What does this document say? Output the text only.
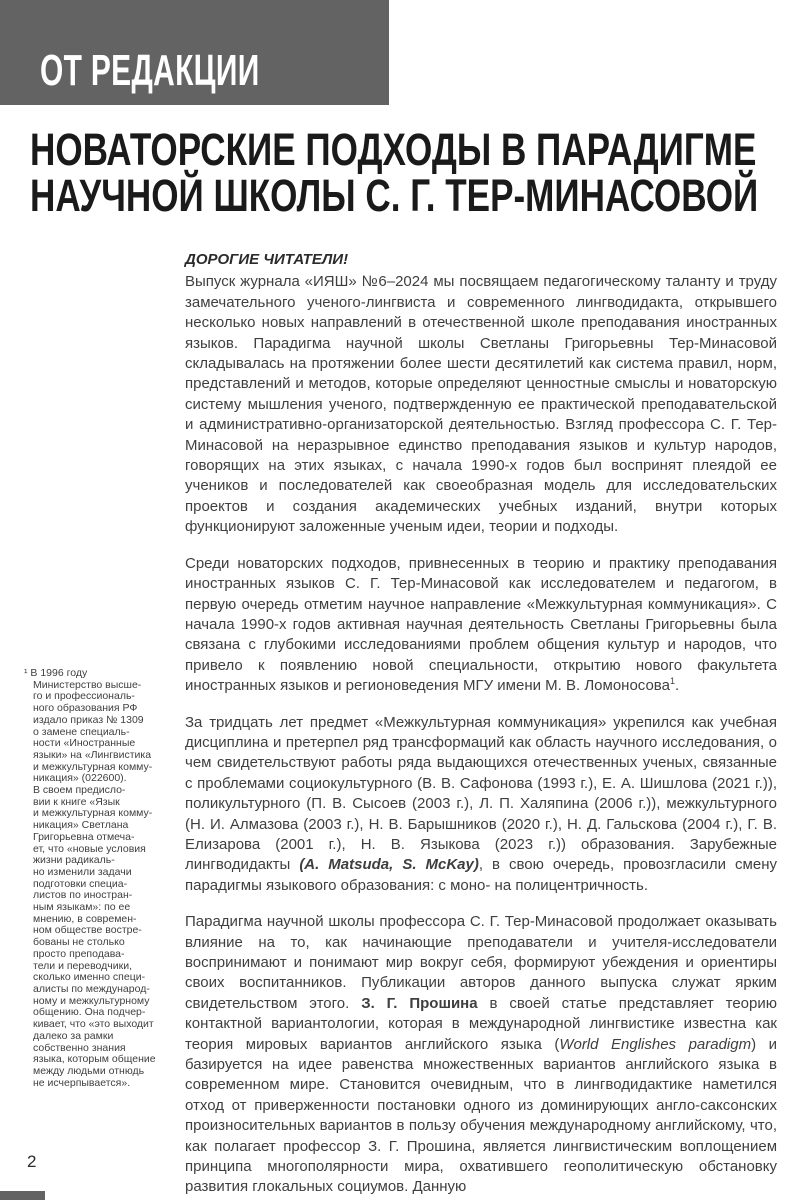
ОТ РЕДАКЦИИ
НОВАТОРСКИЕ ПОДХОДЫ В ПАРАДИГМЕ
НАУЧНОЙ ШКОЛЫ С. Г. ТЕР-МИНАСОВОЙ
¹ В 1996 году
Министерство высше-
го и профессиональ-
ного образования РФ
издало приказ № 1309
о замене специаль-
ности «Иностранные
языки» на «Лингвистика
и межкультурная комму-
никация» (022600).
В своем предисло-
вии к книге «Язык
и межкультурная комму-
никация» Светлана
Григорьевна отмеча-
ет, что «новые условия
жизни радикаль-
но изменили задачи
подготовки специа-
листов по иностран-
ным языкам»: по ее
мнению, в современ-
ном обществе востре-
бованы не столько
просто преподава-
тели и переводчики,
сколько именно специ-
алисты по международ-
ному и межкультурному
общению. Она подчер-
кивает, что «это выходит
далеко за рамки
собственно знания
языка, которым общение
между людьми отнюдь
не исчерпывается».
ДОРОГИЕ ЧИТАТЕЛИ!

Выпуск журнала «ИЯШ» №6–2024 мы посвящаем педагогическому таланту и труду замечательного ученого-лингвиста и современного лингводидакта, открывшего несколько новых направлений в отечественной школе преподавания иностранных языков. Парадигма научной школы Светланы Григорьевны Тер-Минасовой складывалась на протяжении более шести десятилетий как система правил, норм, представлений и методов, которые определяют ценностные смыслы и новаторскую систему мышления ученого, подтвержденную ее практической преподавательской и административно-организаторской деятельностью. Взгляд профессора С. Г. Тер-Минасовой на неразрывное единство преподавания языков и культур народов, говорящих на этих языках, с начала 1990-х годов был воспринят плеядой ее учеников и последователей как своеобразная модель для исследовательских проектов и создания академических учебных изданий, внутри которых функционируют заложенные ученым идеи, теории и подходы.

Среди новаторских подходов, привнесенных в теорию и практику преподавания иностранных языков С. Г. Тер-Минасовой как исследователем и педагогом, в первую очередь отметим научное направление «Межкультурная коммуникация». С начала 1990-х годов активная научная деятельность Светланы Григорьевны была связана с глубокими исследованиями проблем общения культур и народов, что привело к появлению новой специальности, открытию нового факультета иностранных языков и регионоведения МГУ имени М. В. Ломоносова$^1$.

За тридцать лет предмет «Межкультурная коммуникация» укрепился как учебная дисциплина и претерпел ряд трансформаций как область научного исследования, о чем свидетельствуют работы ряда выдающихся отечественных ученых, связанные с проблемами социокультурного (В. В. Сафонова (1993 г.), Е. А. Шишлова (2021 г.)), поликультурного (П. В. Сысоев (2003 г.), Л. П. Халяпина (2006 г.)), межкультурного (Н. И. Алмазова (2003 г.), Н. В. Барышников (2020 г.), Н. Д. Гальскова (2004 г.), Г. В. Елизарова (2001 г.), Н. В. Языкова (2023 г.)) образования. Зарубежные лингводидакты (A. Matsuda, S. McKay), в свою очередь, провозгласили смену парадигмы языкового образования: с моно- на полицентричность.

Парадигма научной школы профессора С. Г. Тер-Минасовой продолжает оказывать влияние на то, как начинающие преподаватели и учителя-исследователи воспринимают и понимают мир вокруг себя, формируют убеждения и ориентиры своих воспитанников. Публикации авторов данного выпуска служат ярким свидетельством этого. З. Г. Прошина в своей статье представляет теорию контактной вариантологии, которая в международной лингвистике известна как теория мировых вариантов английского языка (World Englishes paradigm) и базируется на идее равенства множественных вариантов английского языка в современном мире. Становится очевидным, что в лингводидактике наметился отход от приверженности постановки одного из доминирующих англо-саксонских произносительных вариантов в пользу обучения международному английскому, что, как полагает профессор З. Г. Прошина, является лингвистическим воплощением принципа многополярности мира, охватившего геополитическую обстановку развития глокальных социумов. Данную

2
